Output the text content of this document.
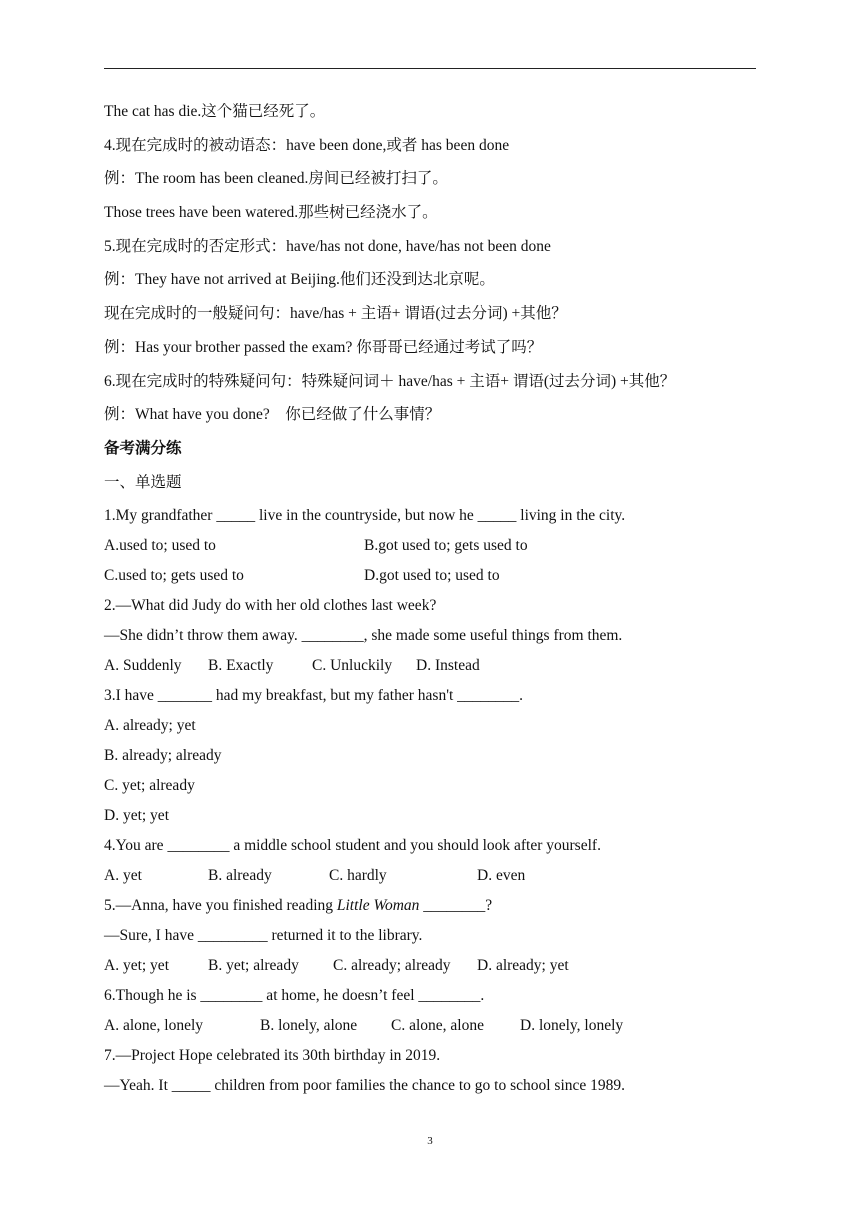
The cat has die.这个猫已经死了。
4.现在完成时的被动语态：have been done,或者 has been done
例：The room has been cleaned.房间已经被打扫了。
Those trees have been watered.那些树已经浇水了。
5.现在完成时的否定形式：have/has not done, have/has not been done
例：They have not arrived at Beijing.他们还没到达北京呢。
现在完成时的一般疑问句：have/has + 主语+ 谓语(过去分词) +其他？
例：Has your brother passed the exam? 你哥哥已经通过考试了吗？
6.现在完成时的特殊疑问句：特殊疑问词＋ have/has + 主语+ 谓语(过去分词) +其他？
例：What have you done?　你已经做了什么事情？
备考满分练
一、单选题
1.My grandfather _____ live in the countryside, but now he _____ living in the city.
A.used to; used to	B.got used to; gets used to
C.used to; gets used to	D.got used to; used to
2.—What did Judy do with her old clothes last week?
—She didn’t throw them away. ________, she made some useful things from them.
A. Suddenly B. Exactly C. Unluckily D. Instead
3.I have _______ had my breakfast, but my father hasn't ________.
A. already; yet
B. already; already
C. yet; already
D. yet; yet
4.You are ________ a middle school student and you should look after yourself.
A. yet	B. already	C. hardly	D. even
5.—Anna, have you finished reading Little Woman ________?
—Sure, I have _________ returned it to the library.
A. yet; yet	B. yet; already C. already; already D. already; yet
6.Though he is ________ at home, he doesn’t feel ________.
A. alone, lonely	B. lonely, alone C. alone, alone D. lonely, lonely
7.—Project Hope celebrated its 30th birthday in 2019.
—Yeah. It _____ children from poor families the chance to go to school since 1989.
3
